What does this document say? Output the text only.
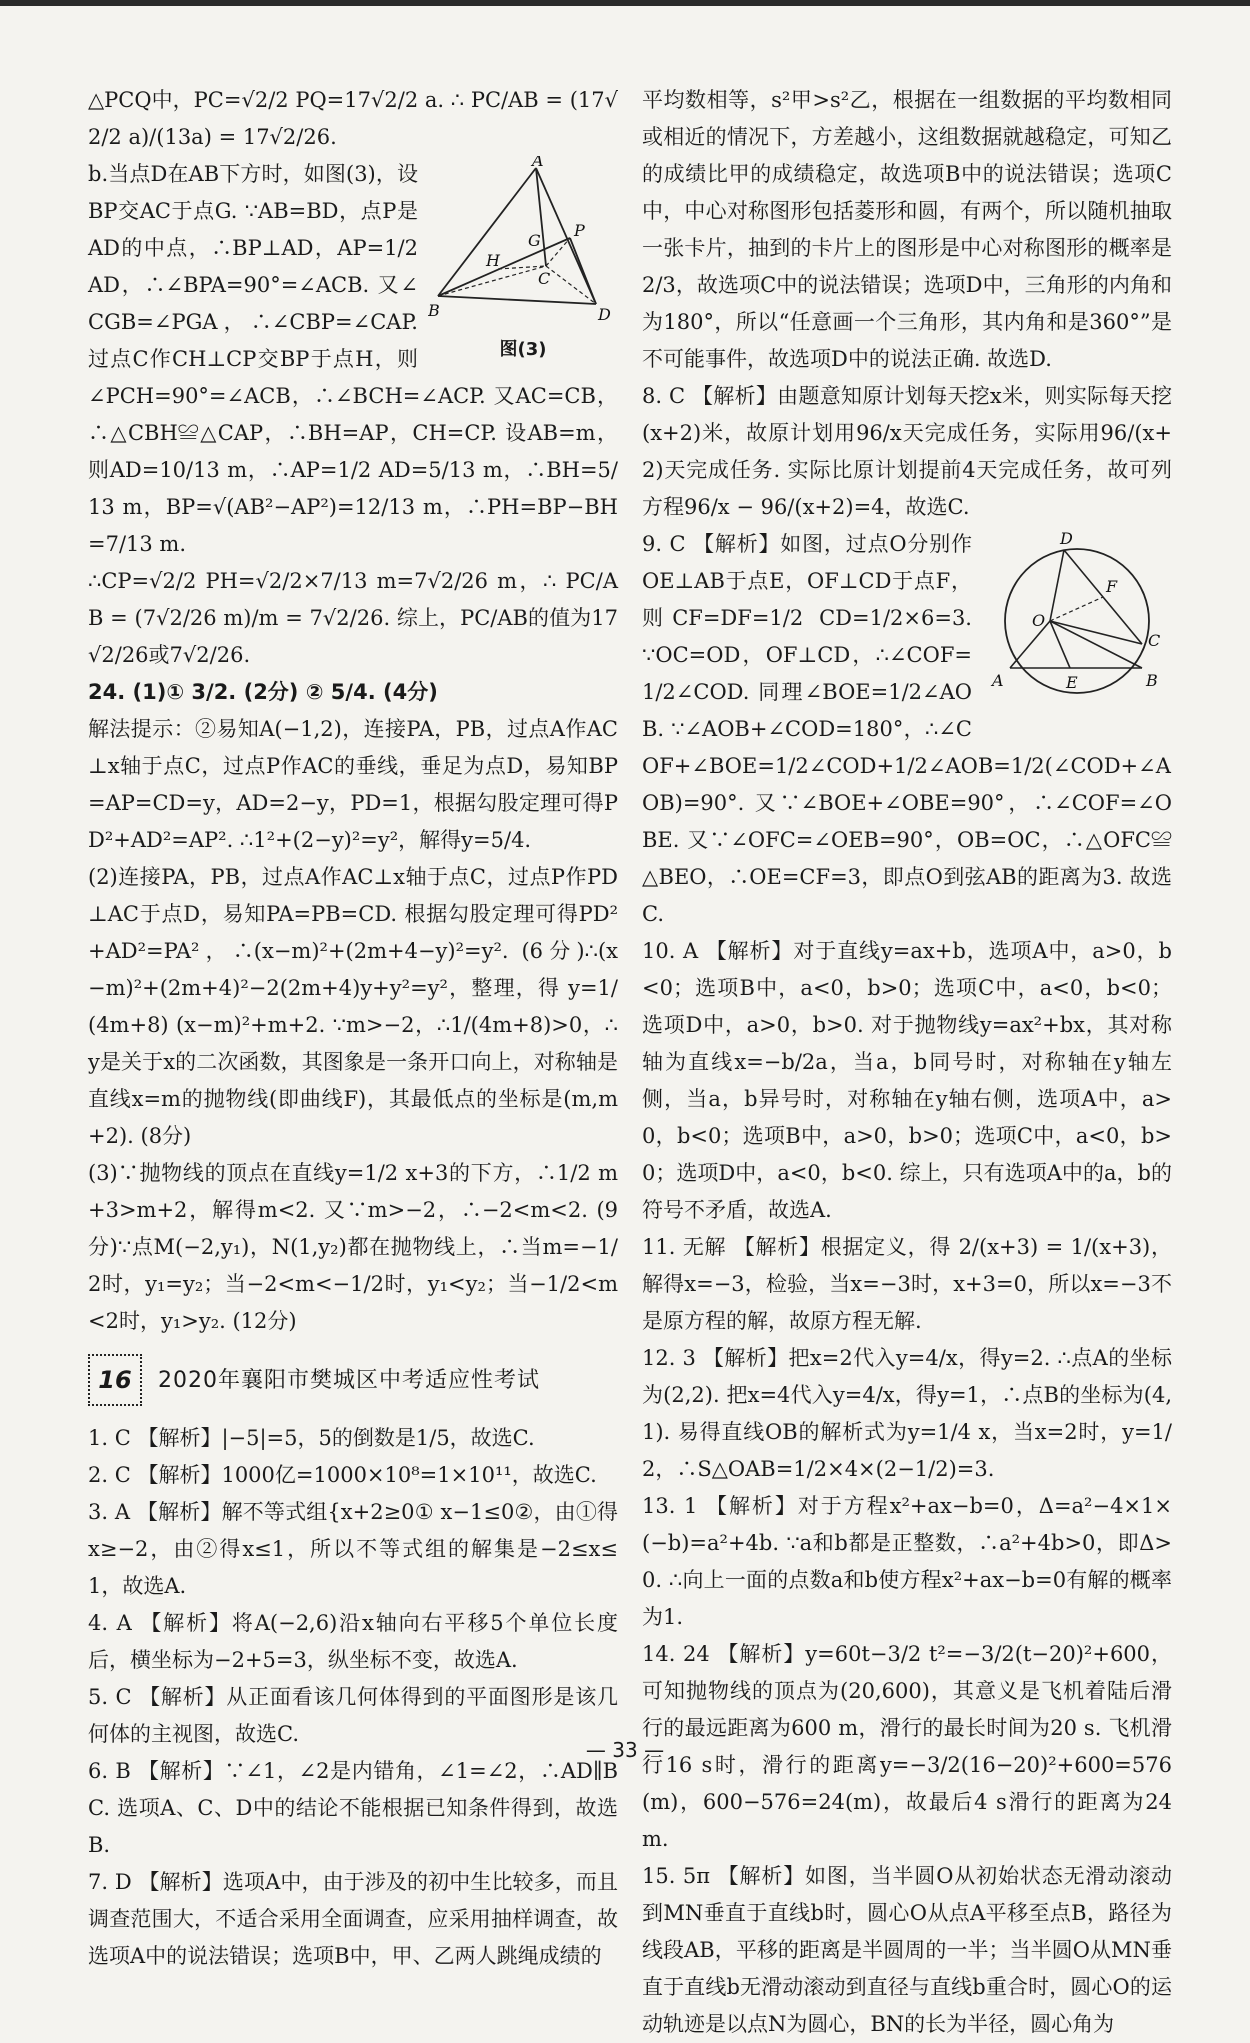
△PCQ中，PC=√2/2 PQ=17√2/2 a. ∴ PC/AB = (17√2/2 a)/(13a) = 17√2/26.

A
B	D
G
H
C
P
图(3)

b.当点D在AB下方时，如图(3)，设BP交AC于点G. ∵AB=BD，点P是AD的中点，∴BP⊥AD，AP=1/2 AD，∴∠BPA=90°=∠ACB. 又∠CGB=∠PGA，∴∠CBP=∠CAP. 过点C作CH⊥CP交BP于点H，则∠PCH=90°=∠ACB，∴∠BCH=∠ACP. 又AC=CB，∴△CBH≌△CAP，∴BH=AP，CH=CP. 设AB=m，则AD=10/13 m，∴AP=1/2 AD=5/13 m，∴BH=5/13 m，BP=√(AB²−AP²)=12/13 m，∴PH=BP−BH=7/13 m.

∴CP=√2/2 PH=√2/2×7/13 m=7√2/26 m，∴ PC/AB = (7√2/26 m)/m = 7√2/26. 综上，PC/AB的值为17√2/26或7√2/26.

24. (1)① 3/2. (2分) ② 5/4. (4分)

解法提示：②易知A(−1,2)，连接PA，PB，过点A作AC⊥x轴于点C，过点P作AC的垂线，垂足为点D，易知BP=AP=CD=y，AD=2−y，PD=1，根据勾股定理可得PD²+AD²=AP². ∴1²+(2−y)²=y²，解得y=5/4.

(2)连接PA，PB，过点A作AC⊥x轴于点C，过点P作PD⊥AC于点D，易知PA=PB=CD. 根据勾股定理可得PD²+AD²=PA²，∴(x−m)²+(2m+4−y)²=y². (6分)∴(x−m)²+(2m+4)²−2(2m+4)y+y²=y²，整理，得 y=1/(4m+8) (x−m)²+m+2. ∵m>−2，∴1/(4m+8)>0，∴y是关于x的二次函数，其图象是一条开口向上，对称轴是直线x=m的抛物线(即曲线F)，其最低点的坐标是(m,m+2). (8分)

(3)∵抛物线的顶点在直线y=1/2 x+3的下方，∴1/2 m+3>m+2，解得m<2. 又∵m>−2，∴−2<m<2. (9分)∵点M(−2,y₁)，N(1,y₂)都在抛物线上，∴当m=−1/2时，y₁=y₂；当−2<m<−1/2时，y₁<y₂；当−1/2<m<2时，y₁>y₂. (12分)

16	2020年襄阳市樊城区中考适应性考试

1. C 【解析】|−5|=5，5的倒数是1/5，故选C.

2. C 【解析】1000亿=1000×10⁸=1×10¹¹，故选C.

3. A 【解析】解不等式组{x+2≥0① x−1≤0②，由①得x≥−2，由②得x≤1，所以不等式组的解集是−2≤x≤1，故选A.

4. A 【解析】将A(−2,6)沿x轴向右平移5个单位长度后，横坐标为−2+5=3，纵坐标不变，故选A.

5. C 【解析】从正面看该几何体得到的平面图形是该几何体的主视图，故选C.

6. B 【解析】∵∠1，∠2是内错角，∠1=∠2，∴AD∥BC. 选项A、C、D中的结论不能根据已知条件得到，故选B.

7. D 【解析】选项A中，由于涉及的初中生比较多，而且调查范围大，不适合采用全面调查，应采用抽样调查，故选项A中的说法错误；选项B中，甲、乙两人跳绳成绩的

平均数相等，s²甲>s²乙，根据在一组数据的平均数相同或相近的情况下，方差越小，这组数据就越稳定，可知乙的成绩比甲的成绩稳定，故选项B中的说法错误；选项C中，中心对称图形包括菱形和圆，有两个，所以随机抽取一张卡片，抽到的卡片上的图形是中心对称图形的概率是2/3，故选项C中的说法错误；选项D中，三角形的内角和为180°，所以“任意画一个三角形，其内角和是360°”是不可能事件，故选项D中的说法正确. 故选D.

8. C 【解析】由题意知原计划每天挖x米，则实际每天挖(x+2)米，故原计划用96/x天完成任务，实际用96/(x+2)天完成任务. 实际比原计划提前4天完成任务，故可列方程96/x − 96/(x+2)=4，故选C.

D
F
C
O
A	E	B

9. C 【解析】如图，过点O分别作OE⊥AB于点E，OF⊥CD于点F，则CF=DF=1/2 CD=1/2×6=3. ∵OC=OD，OF⊥CD，∴∠COF=1/2∠COD. 同理∠BOE=1/2∠AOB. ∵∠AOB+∠COD=180°，∴∠COF+∠BOE=1/2∠COD+1/2∠AOB=1/2(∠COD+∠AOB)=90°. 又∵∠BOE+∠OBE=90°，∴∠COF=∠OBE. 又∵∠OFC=∠OEB=90°，OB=OC，∴△OFC≌△BEO，∴OE=CF=3，即点O到弦AB的距离为3. 故选C.

10. A 【解析】对于直线y=ax+b，选项A中，a>0，b<0；选项B中，a<0，b>0；选项C中，a<0，b<0；选项D中，a>0，b>0. 对于抛物线y=ax²+bx，其对称轴为直线x=−b/2a，当a，b同号时，对称轴在y轴左侧，当a，b异号时，对称轴在y轴右侧，选项A中，a>0，b<0；选项B中，a>0，b>0；选项C中，a<0，b>0；选项D中，a<0，b<0. 综上，只有选项A中的a，b的符号不矛盾，故选A.

11. 无解 【解析】根据定义，得 2/(x+3) = 1/(x+3)，解得x=−3，检验，当x=−3时，x+3=0，所以x=−3不是原方程的解，故原方程无解.

12. 3 【解析】把x=2代入y=4/x，得y=2. ∴点A的坐标为(2,2). 把x=4代入y=4/x，得y=1，∴点B的坐标为(4,1). 易得直线OB的解析式为y=1/4 x，当x=2时，y=1/2，∴S△OAB=1/2×4×(2−1/2)=3.

13. 1 【解析】对于方程x²+ax−b=0，Δ=a²−4×1×(−b)=a²+4b. ∵a和b都是正整数，∴a²+4b>0，即Δ>0. ∴向上一面的点数a和b使方程x²+ax−b=0有解的概率为1.

14. 24 【解析】y=60t−3/2 t²=−3/2(t−20)²+600，可知抛物线的顶点为(20,600)，其意义是飞机着陆后滑行的最远距离为600 m，滑行的最长时间为20 s. 飞机滑行16 s时，滑行的距离y=−3/2(16−20)²+600=576(m)，600−576=24(m)，故最后4 s滑行的距离为24 m.

15. 5π 【解析】如图，当半圆O从初始状态无滑动滚动到MN垂直于直线b时，圆心O从点A平移至点B，路径为线段AB，平移的距离是半圆周的一半；当半圆O从MN垂直于直线b无滑动滚动到直径与直线b重合时，圆心O的运动轨迹是以点N为圆心，BN的长为半径，圆心角为

— 33 —
